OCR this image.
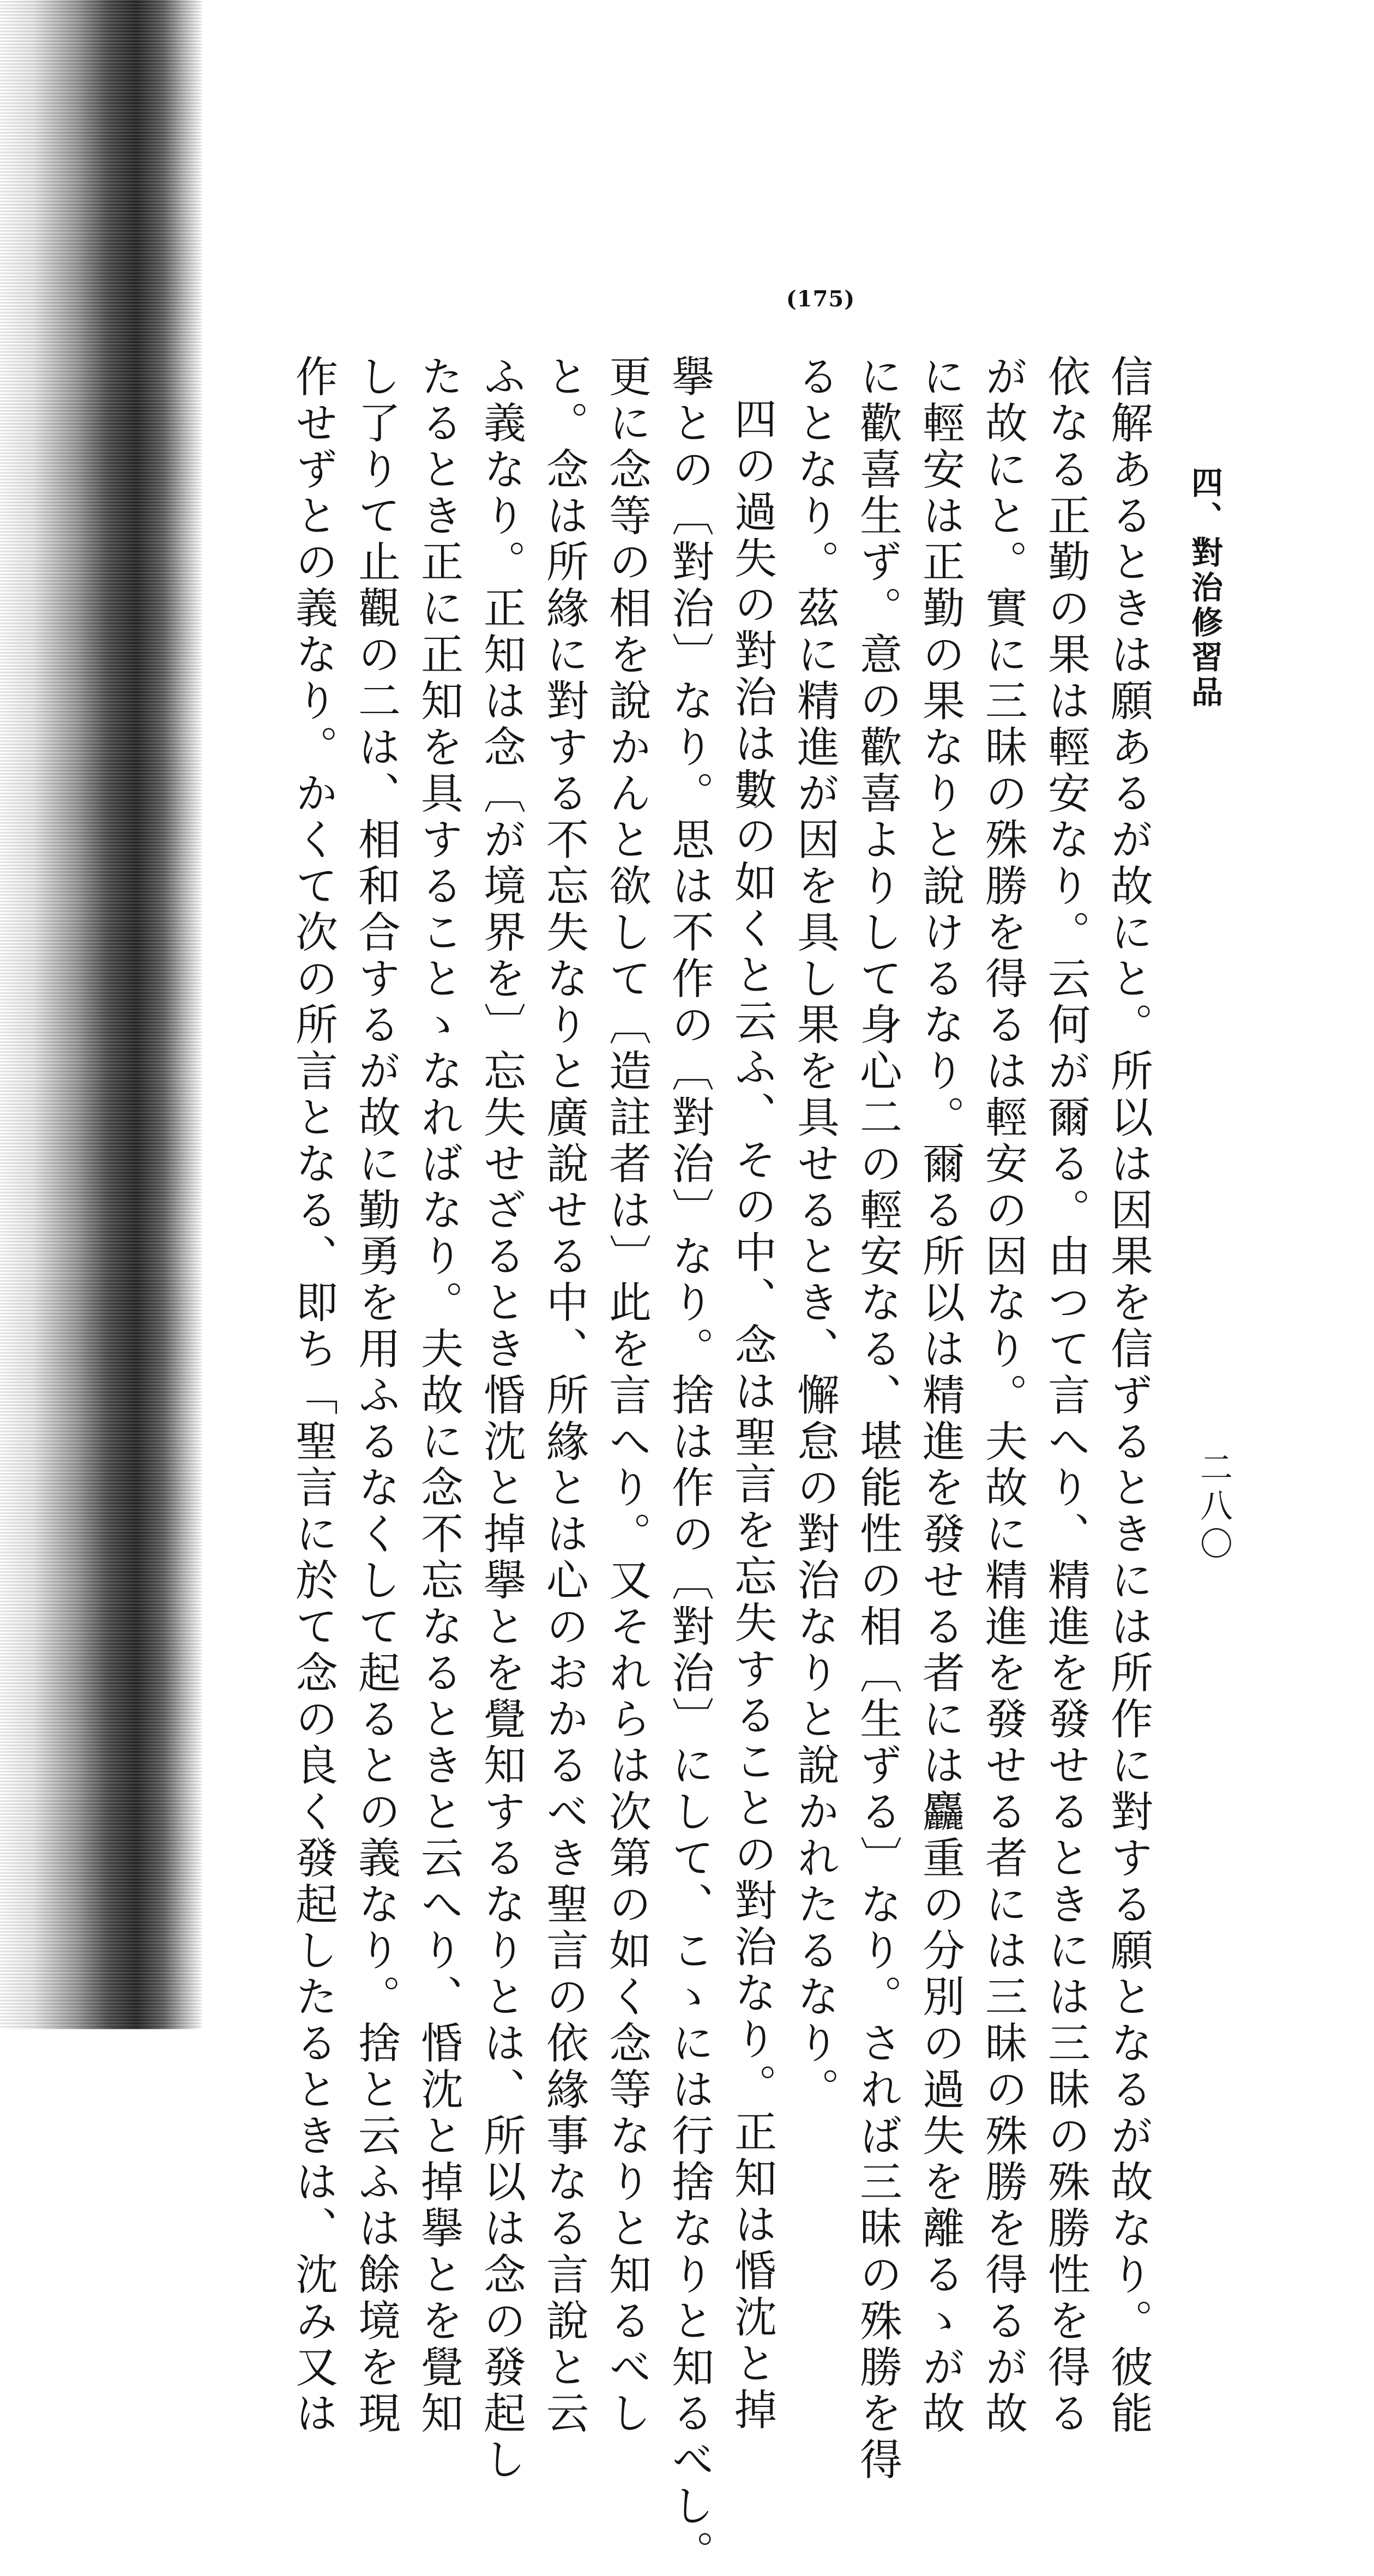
(175)
四、對治修習品
二八〇
信解あるときは願あるが故にと。所以は因果を信ずるときには所作に對する願となるが故なり。彼能
依なる正勤の果は輕安なり。云何が爾る。由つて言へり、精進を發せるときには三昧の殊勝性を得る
が故にと。實に三昧の殊勝を得るは輕安の因なり。夫故に精進を發せる者には三昧の殊勝を得るが故
に輕安は正勤の果なりと說けるなり。爾る所以は精進を發せる者には麤重の分別の過失を離るゝが故
に歡喜生ず。意の歡喜よりして身心二の輕安なる、堪能性の相〔生ずる〕なり。されば三昧の殊勝を得
るとなり。茲に精進が因を具し果を具せるとき、懈怠の對治なりと說かれたるなり。
四の過失の對治は數の如くと云ふ、その中、念は聖言を忘失することの對治なり。正知は惛沈と掉
擧との〔對治〕なり。思は不作の〔對治〕なり。捨は作の〔對治〕にして、こゝには行捨なりと知るべし。
更に念等の相を說かんと欲して〔造註者は〕此を言へり。又それらは次第の如く念等なりと知るべし
と。念は所緣に對する不忘失なりと廣說せる中、所緣とは心のおかるべき聖言の依緣事なる言說と云
ふ義なり。正知は念〔が境界を〕忘失せざるとき惛沈と掉擧とを覺知するなりとは、所以は念の發起し
たるとき正に正知を具することゝなればなり。夫故に念不忘なるときと云へり、惛沈と掉擧とを覺知
し了りて止觀の二は、相和合するが故に勤勇を用ふるなくして起るとの義なり。捨と云ふは餘境を現
作せずとの義なり。かくて次の所言となる、即ち「聖言に於て念の良く發起したるときは、沈み又は
